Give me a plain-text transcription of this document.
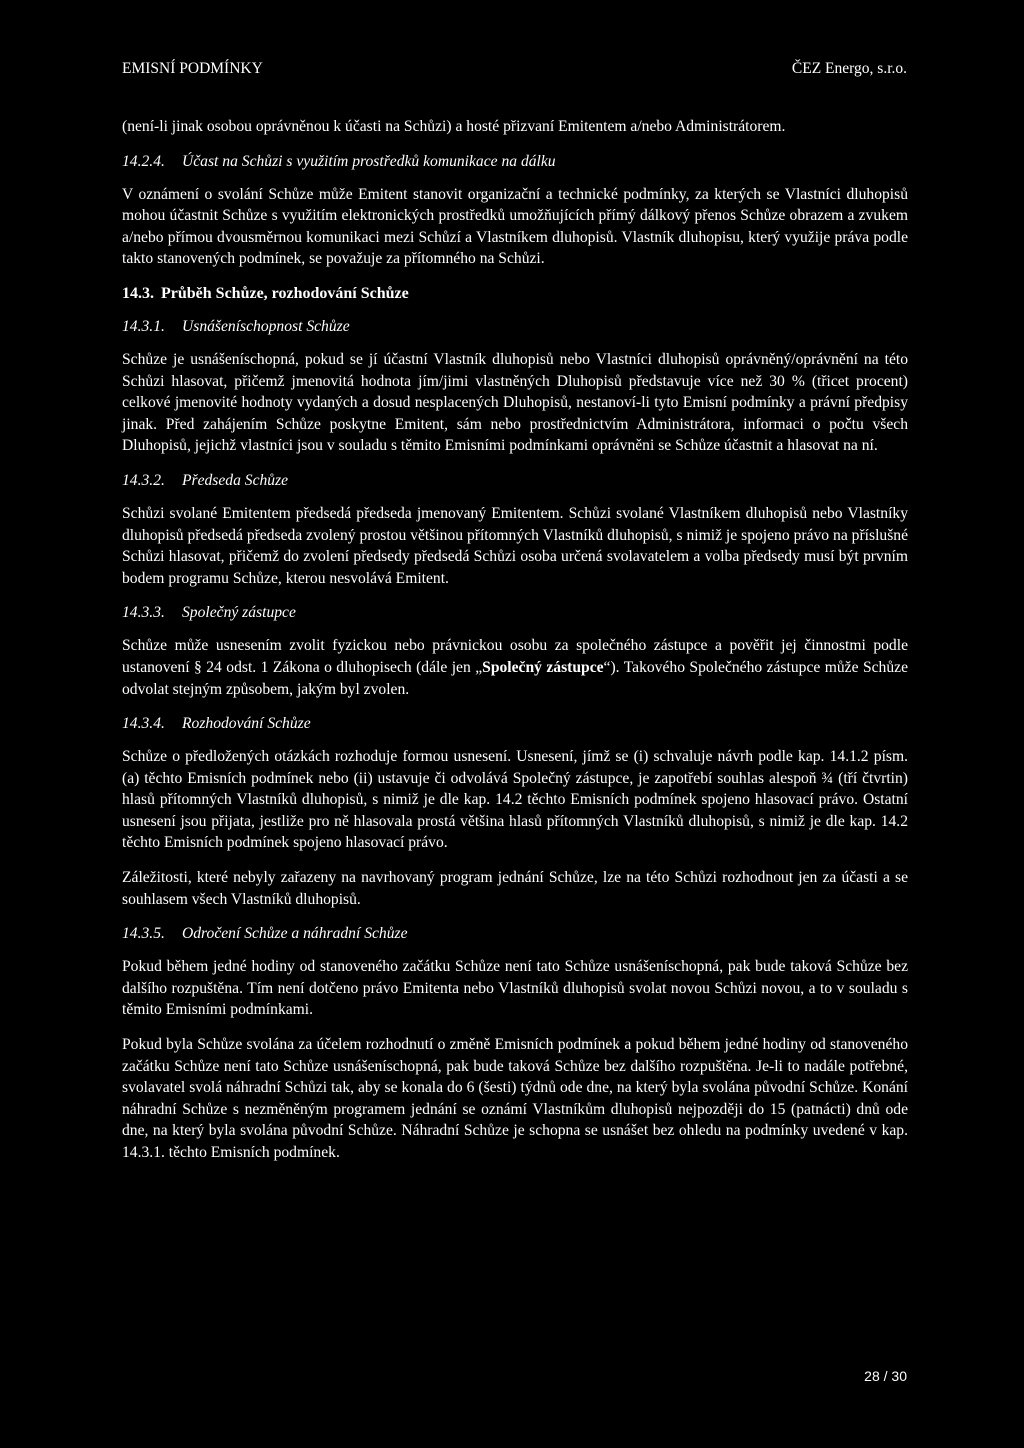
EMISNÍ PODMÍNKY	ČEZ Energo, s.r.o.

(není-li jinak osobou oprávněnou k účasti na Schůzi) a hosté přizvaní Emitentem a/nebo Administrátorem.

14.2.4. Účast na Schůzi s využitím prostředků komunikace na dálku

V oznámení o svolání Schůze může Emitent stanovit organizační a technické podmínky, za kterých se Vlastníci dluhopisů mohou účastnit Schůze s využitím elektronických prostředků umožňujících přímý dálkový přenos Schůze obrazem a zvukem a/nebo přímou dvousměrnou komunikaci mezi Schůzí a Vlastníkem dluhopisů. Vlastník dluhopisu, který využije práva podle takto stanovených podmínek, se považuje za přítomného na Schůzi.

14.3. Průběh Schůze, rozhodování Schůze
14.3.1. Usnášeníschopnost Schůze

Schůze je usnášeníschopná, pokud se jí účastní Vlastník dluhopisů nebo Vlastníci dluhopisů oprávněný/oprávnění na této Schůzi hlasovat, přičemž jmenovitá hodnota jím/jimi vlastněných Dluhopisů představuje více než 30 % (třicet procent) celkové jmenovité hodnoty vydaných a dosud nesplacených Dluhopisů, nestanoví-li tyto Emisní podmínky a právní předpisy jinak. Před zahájením Schůze poskytne Emitent, sám nebo prostřednictvím Administrátora, informaci o počtu všech Dluhopisů, jejichž vlastníci jsou v souladu s těmito Emisními podmínkami oprávněni se Schůze účastnit a hlasovat na ní.

14.3.2. Předseda Schůze

Schůzi svolané Emitentem předsedá předseda jmenovaný Emitentem. Schůzi svolané Vlastníkem dluhopisů nebo Vlastníky dluhopisů předsedá předseda zvolený prostou většinou přítomných Vlastníků dluhopisů, s nimiž je spojeno právo na příslušné Schůzi hlasovat, přičemž do zvolení předsedy předsedá Schůzi osoba určená svolavatelem a volba předsedy musí být prvním bodem programu Schůze, kterou nesvolává Emitent.

14.3.3. Společný zástupce

Schůze může usnesením zvolit fyzickou nebo právnickou osobu za společného zástupce a pověřit jej činnostmi podle ustanovení § 24 odst. 1 Zákona o dluhopisech (dále jen „Společný zástupce“). Takového Společného zástupce může Schůze odvolat stejným způsobem, jakým byl zvolen.

14.3.4. Rozhodování Schůze

Schůze o předložených otázkách rozhoduje formou usnesení. Usnesení, jímž se (i) schvaluje návrh podle kap. 14.1.2 písm. (a) těchto Emisních podmínek nebo (ii) ustavuje či odvolává Společný zástupce, je zapotřebí souhlas alespoň ¾ (tří čtvrtin) hlasů přítomných Vlastníků dluhopisů, s nimiž je dle kap. 14.2 těchto Emisních podmínek spojeno hlasovací právo. Ostatní usnesení jsou přijata, jestliže pro ně hlasovala prostá většina hlasů přítomných Vlastníků dluhopisů, s nimiž je dle kap. 14.2 těchto Emisních podmínek spojeno hlasovací právo.

Záležitosti, které nebyly zařazeny na navrhovaný program jednání Schůze, lze na této Schůzi rozhodnout jen za účasti a se souhlasem všech Vlastníků dluhopisů.

14.3.5. Odročení Schůze a náhradní Schůze

Pokud během jedné hodiny od stanoveného začátku Schůze není tato Schůze usnášeníschopná, pak bude taková Schůze bez dalšího rozpuštěna. Tím není dotčeno právo Emitenta nebo Vlastníků dluhopisů svolat novou Schůzi novou, a to v souladu s těmito Emisními podmínkami.

Pokud byla Schůze svolána za účelem rozhodnutí o změně Emisních podmínek a pokud během jedné hodiny od stanoveného začátku Schůze není tato Schůze usnášeníschopná, pak bude taková Schůze bez dalšího rozpuštěna. Je-li to nadále potřebné, svolavatel svolá náhradní Schůzi tak, aby se konala do 6 (šesti) týdnů ode dne, na který byla svolána původní Schůze. Konání náhradní Schůze s nezměněným programem jednání se oznámí Vlastníkům dluhopisů nejpozději do 15 (patnácti) dnů ode dne, na který byla svolána původní Schůze. Náhradní Schůze je schopna se usnášet bez ohledu na podmínky uvedené v kap. 14.3.1. těchto Emisních podmínek.

28 / 30
